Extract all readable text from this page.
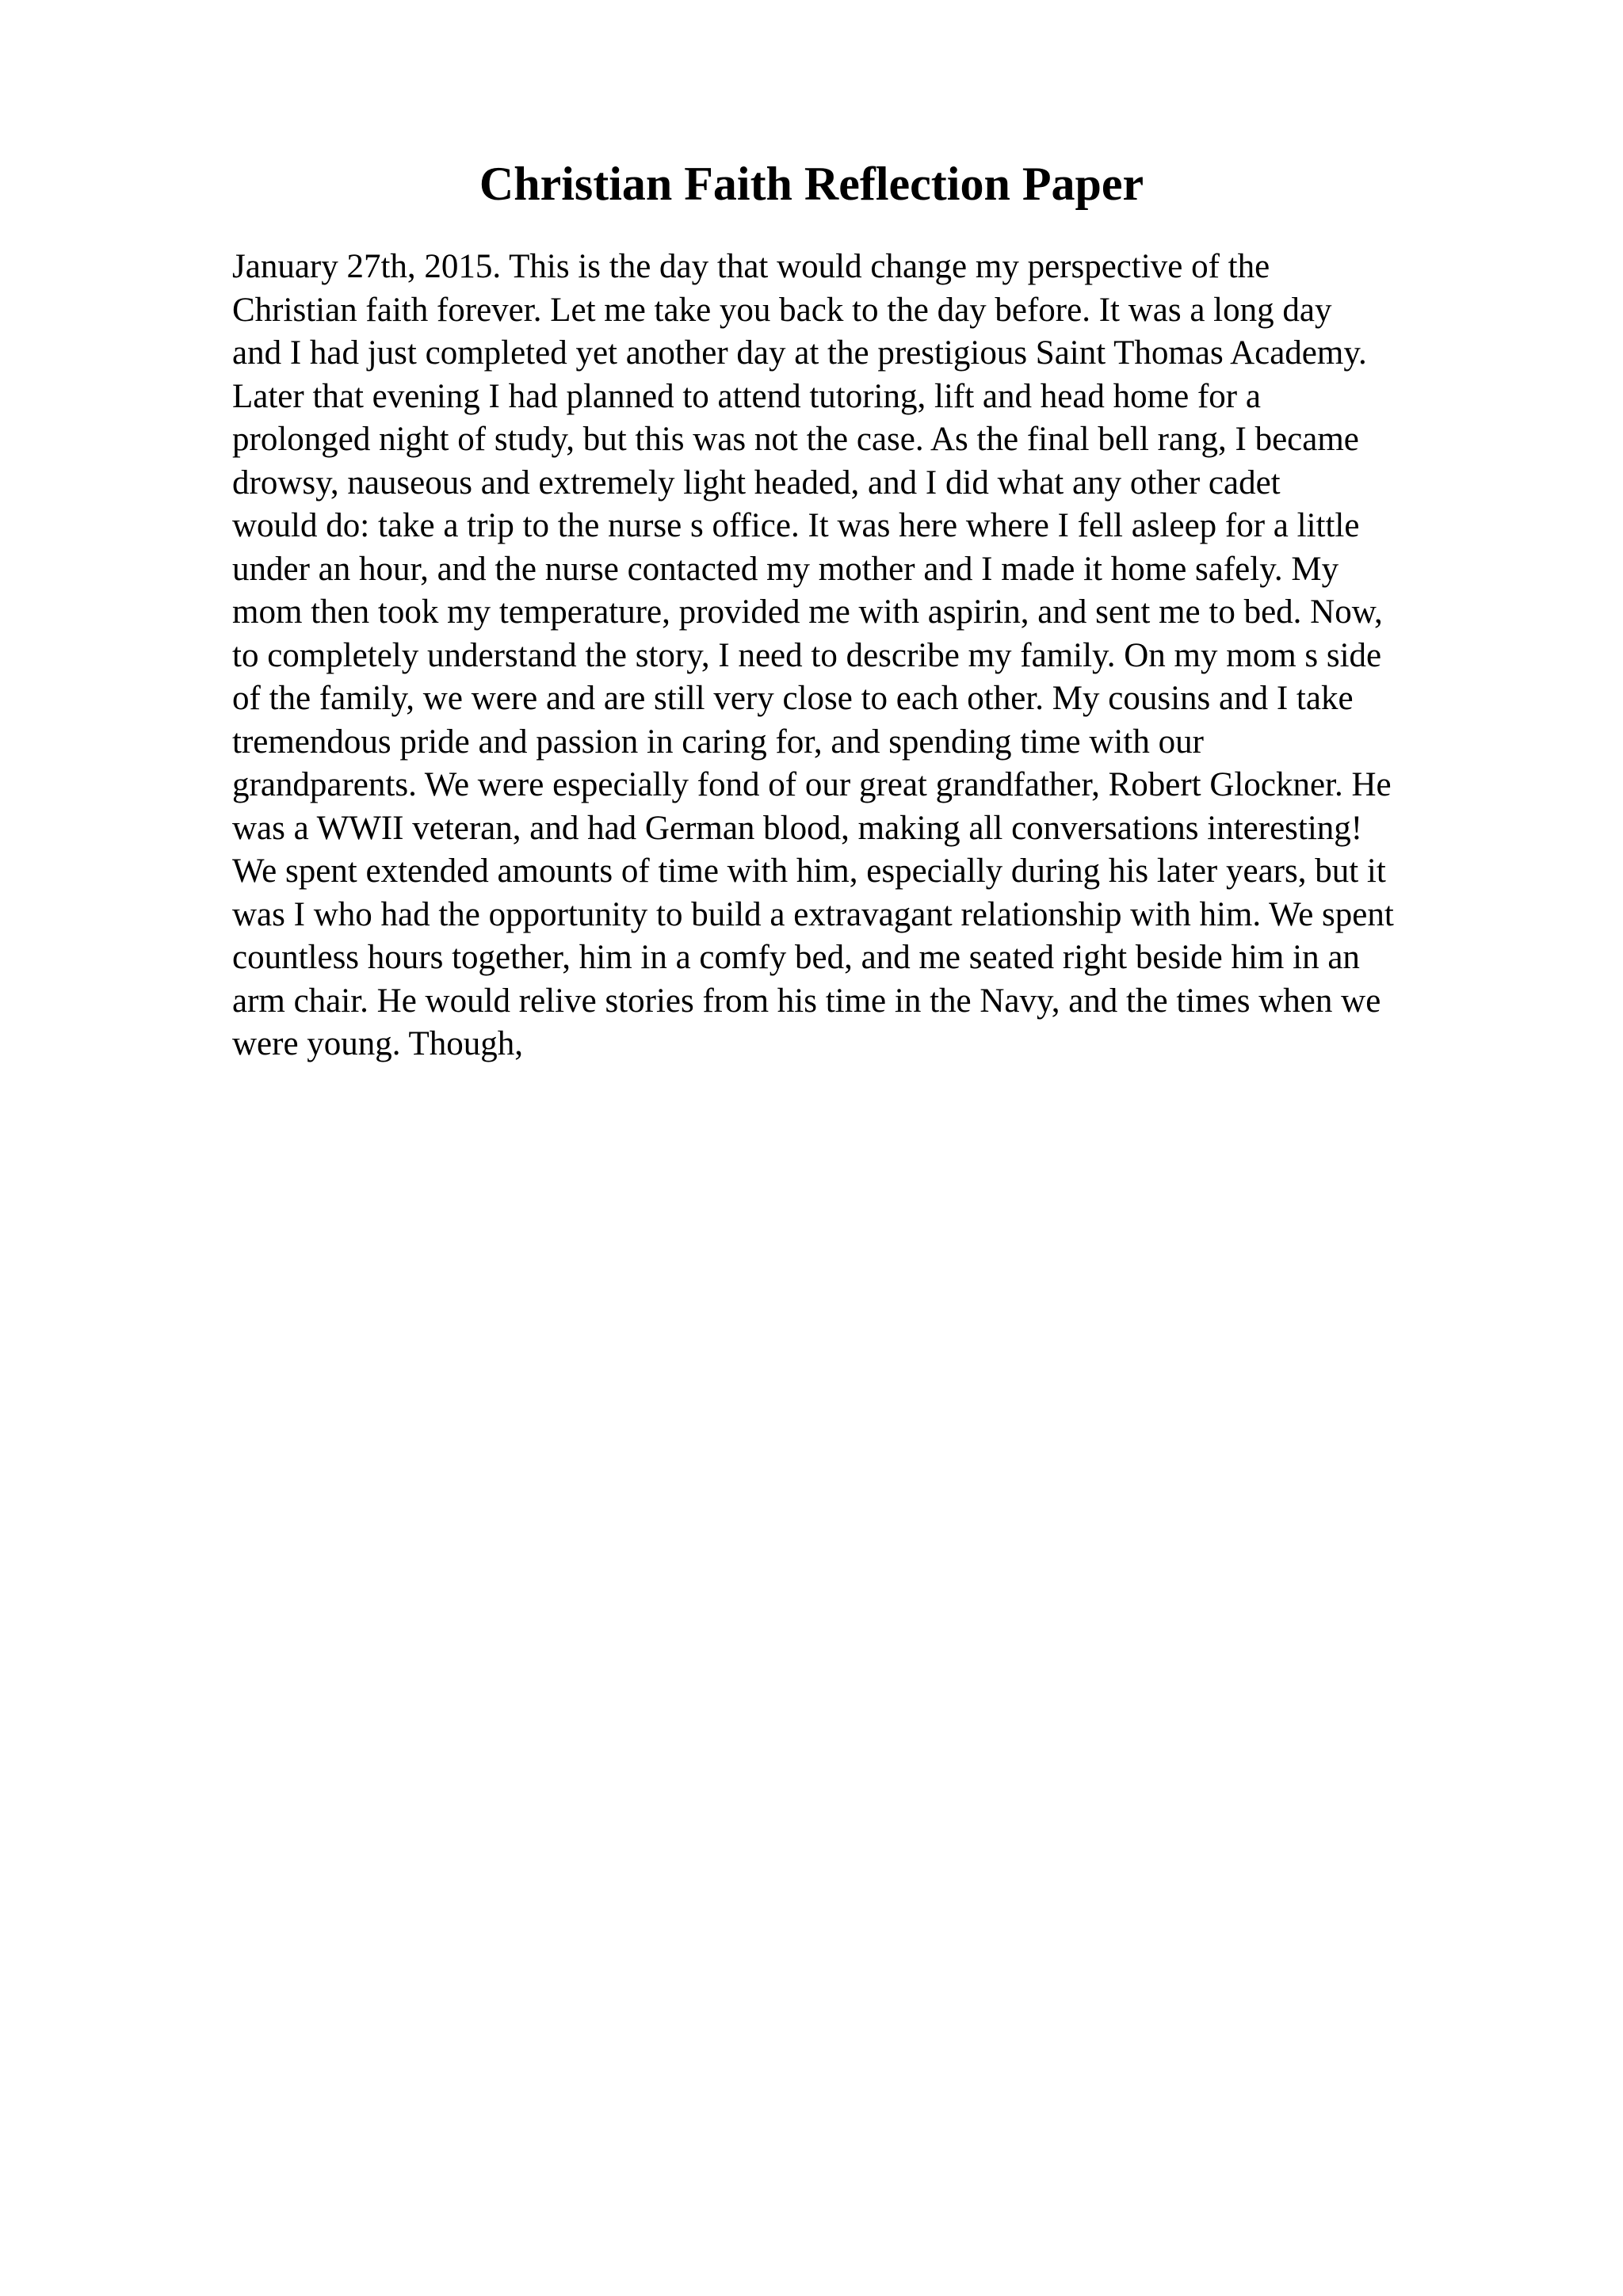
Christian Faith Reflection Paper
January 27th, 2015. This is the day that would change my perspective of the
Christian faith forever. Let me take you back to the day before. It was a long day
and I had just completed yet another day at the prestigious Saint Thomas Academy.
Later that evening I had planned to attend tutoring, lift and head home for a
prolonged night of study, but this was not the case. As the final bell rang, I became
drowsy, nauseous and extremely light headed, and I did what any other cadet
would do: take a trip to the nurse s office. It was here where I fell asleep for a little
under an hour, and the nurse contacted my mother and I made it home safely. My
mom then took my temperature, provided me with aspirin, and sent me to bed. Now,
to completely understand the story, I need to describe my family. On my mom s side
of the family, we were and are still very close to each other. My cousins and I take
tremendous pride and passion in caring for, and spending time with our
grandparents. We were especially fond of our great grandfather, Robert Glockner. He
was a WWII veteran, and had German blood, making all conversations interesting!
We spent extended amounts of time with him, especially during his later years, but it
was I who had the opportunity to build a extravagant relationship with him. We spent
countless hours together, him in a comfy bed, and me seated right beside him in an
arm chair. He would relive stories from his time in the Navy, and the times when we
were young. Though,
